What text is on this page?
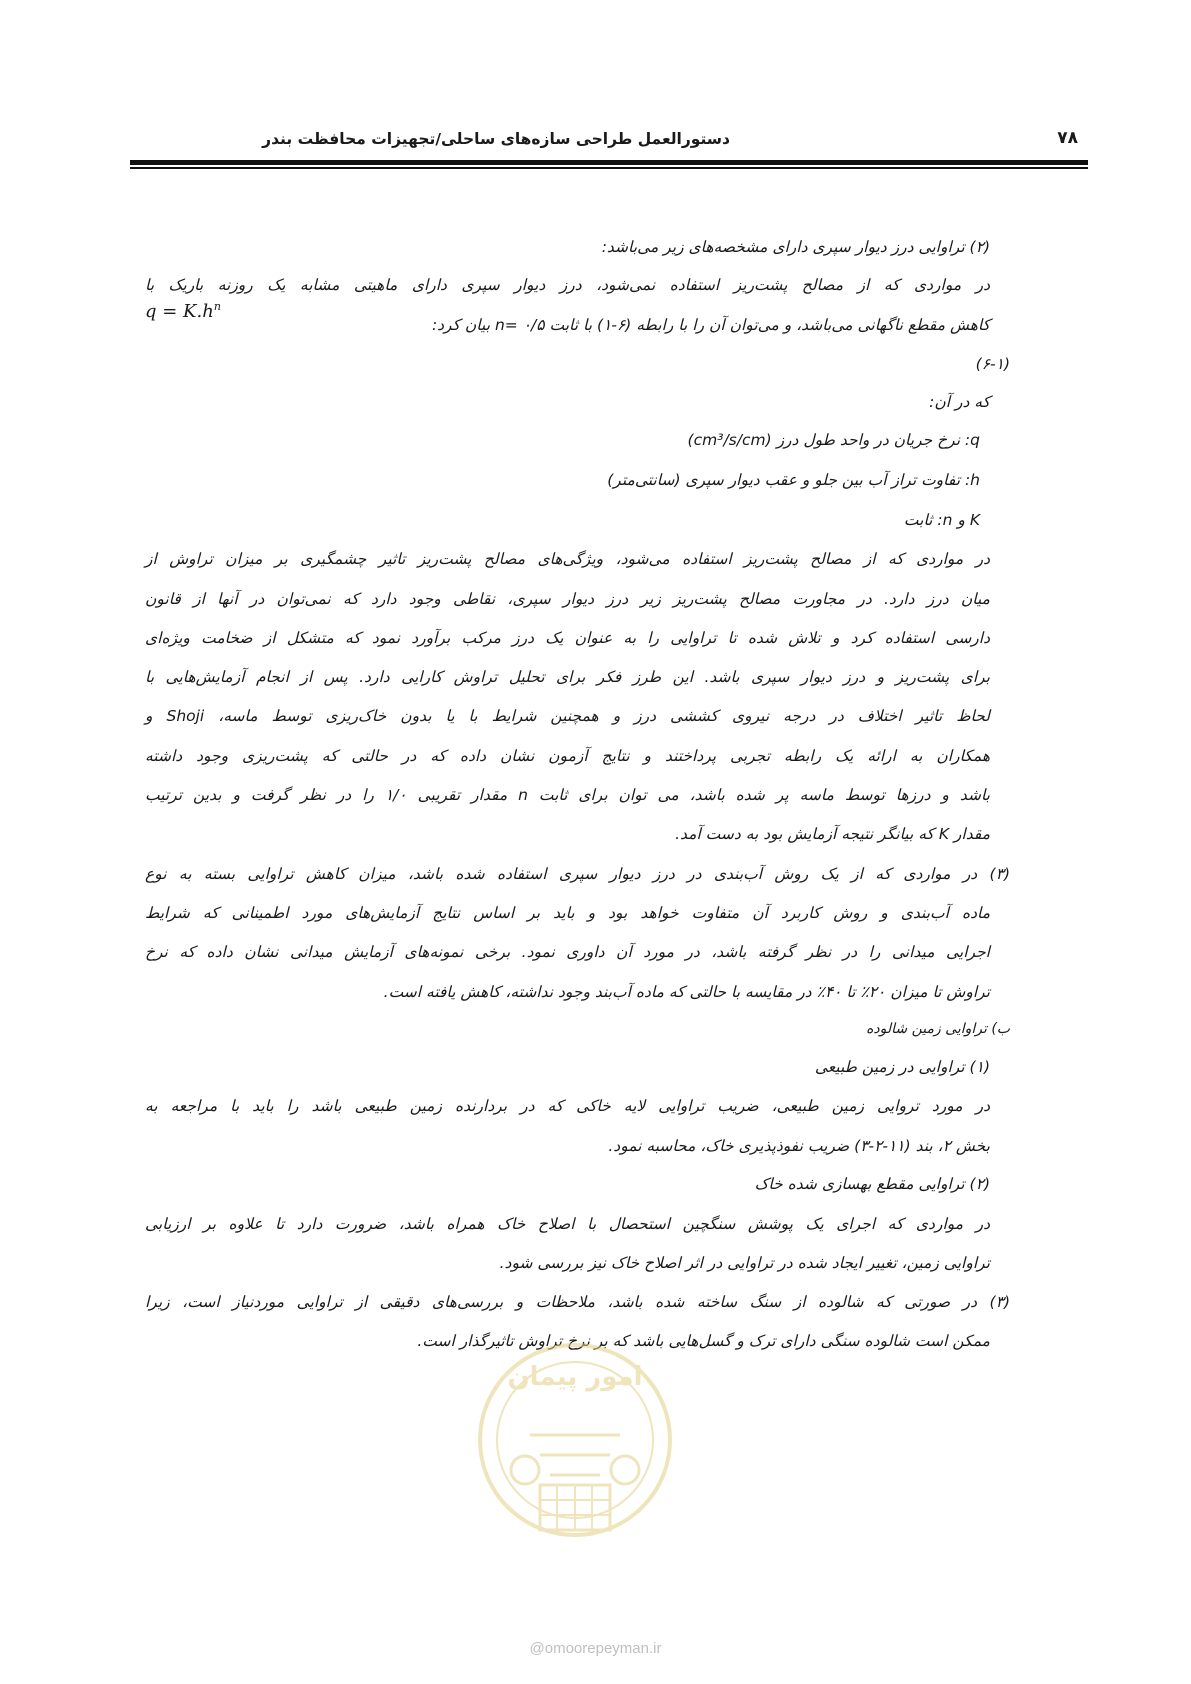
دستورالعمل طراحی سازه‌های ساحلی/تجهیزات محافظت بندر	۷۸
$q = K.h^n$
(۲) تراوایی درز دیوار سپری دارای مشخصه‌های زیر می‌باشد:
در مواردی که از مصالح پشت‌ریز استفاده نمی‌شود، درز دیوار سپری دارای ماهیتی مشابه یک روزنه باریک با
کاهش مقطع ناگهانی می‌باشد، و می‌توان آن را با رابطه (۶-۱) با ثابت n= ۰/۵ بیان کرد:
(۶-۱)
که در آن:
q: نرخ جریان در واحد طول درز (cm³/s/cm)
h: تفاوت تراز آب بین جلو و عقب دیوار سپری (سانتی‌متر)
K و n: ثابت
در مواردی که از مصالح پشت‌ریز استفاده می‌شود، ویژگی‌های مصالح پشت‌ریز تاثیر چشمگیری بر میزان تراوش از
میان درز دارد. در مجاورت مصالح پشت‌ریز زیر درز دیوار سپری، نقاطی وجود دارد که نمی‌توان در آنها از قانون
دارسی استفاده کرد و تلاش شده تا تراوایی را به عنوان یک درز مرکب برآورد نمود که متشکل از ضخامت ویژه‌ای
برای پشت‌ریز و درز دیوار سپری باشد. این طرز فکر برای تحلیل تراوش کارایی دارد. پس از انجام آزمایش‌هایی با
لحاظ تاثیر اختلاف در درجه نیروی کششی درز و همچنین شرایط با یا بدون خاک‌ریزی توسط ماسه، Shoji و
همکاران به ارائه یک رابطه تجربی پرداختند و نتایج آزمون نشان داده که در حالتی که پشت‌ریزی وجود داشته
باشد و درزها توسط ماسه پر شده باشد، می توان برای ثابت n مقدار تقریبی ۱/۰ را در نظر گرفت و بدین ترتیب
مقدار K که بیانگر نتیجه آزمایش بود به دست آمد.
(۳) در مواردی که از یک روش آب‌بندی در درز دیوار سپری استفاده شده باشد، میزان کاهش تراوایی بسته به نوع
ماده آب‌بندی و روش کاربرد آن متفاوت خواهد بود و باید بر اساس نتایج آزمایش‌های مورد اطمینانی که شرایط
اجرایی میدانی را در نظر گرفته باشد، در مورد آن داوری نمود. برخی نمونه‌های آزمایش میدانی نشان داده که نرخ
تراوش تا میزان ۲۰٪ تا ۴۰٪ در مقایسه با حالتی که ماده آب‌بند وجود نداشته، کاهش یافته است.
ب) تراوایی زمین شالوده
(۱) تراوایی در زمین طبیعی
در مورد تروایی زمین طبیعی، ضریب تراوایی لایه خاکی که در بردارنده زمین طبیعی باشد را باید با مراجعه به
بخش ۲، بند (۱۱-۲-۳) ضریب نفوذپذیری خاک، محاسبه نمود.
(۲) تراوایی مقطع بهسازی شده خاک
در مواردی که اجرای یک پوشش سنگچین استحصال با اصلاح خاک همراه باشد، ضرورت دارد تا علاوه بر ارزیابی
تراوایی زمین، تغییر ایجاد شده در تراوایی در اثر اصلاح خاک نیز بررسی شود.
(۳) در صورتی که شالوده از سنگ ساخته شده باشد، ملاحظات و بررسی‌های دقیقی از تراوایی موردنیاز است، زیرا
ممکن است شالوده سنگی دارای ترک و گسل‌هایی باشد که بر نرخ تراوش تاثیرگذار است.
امور پیمان
@omoorepeyman.ir
